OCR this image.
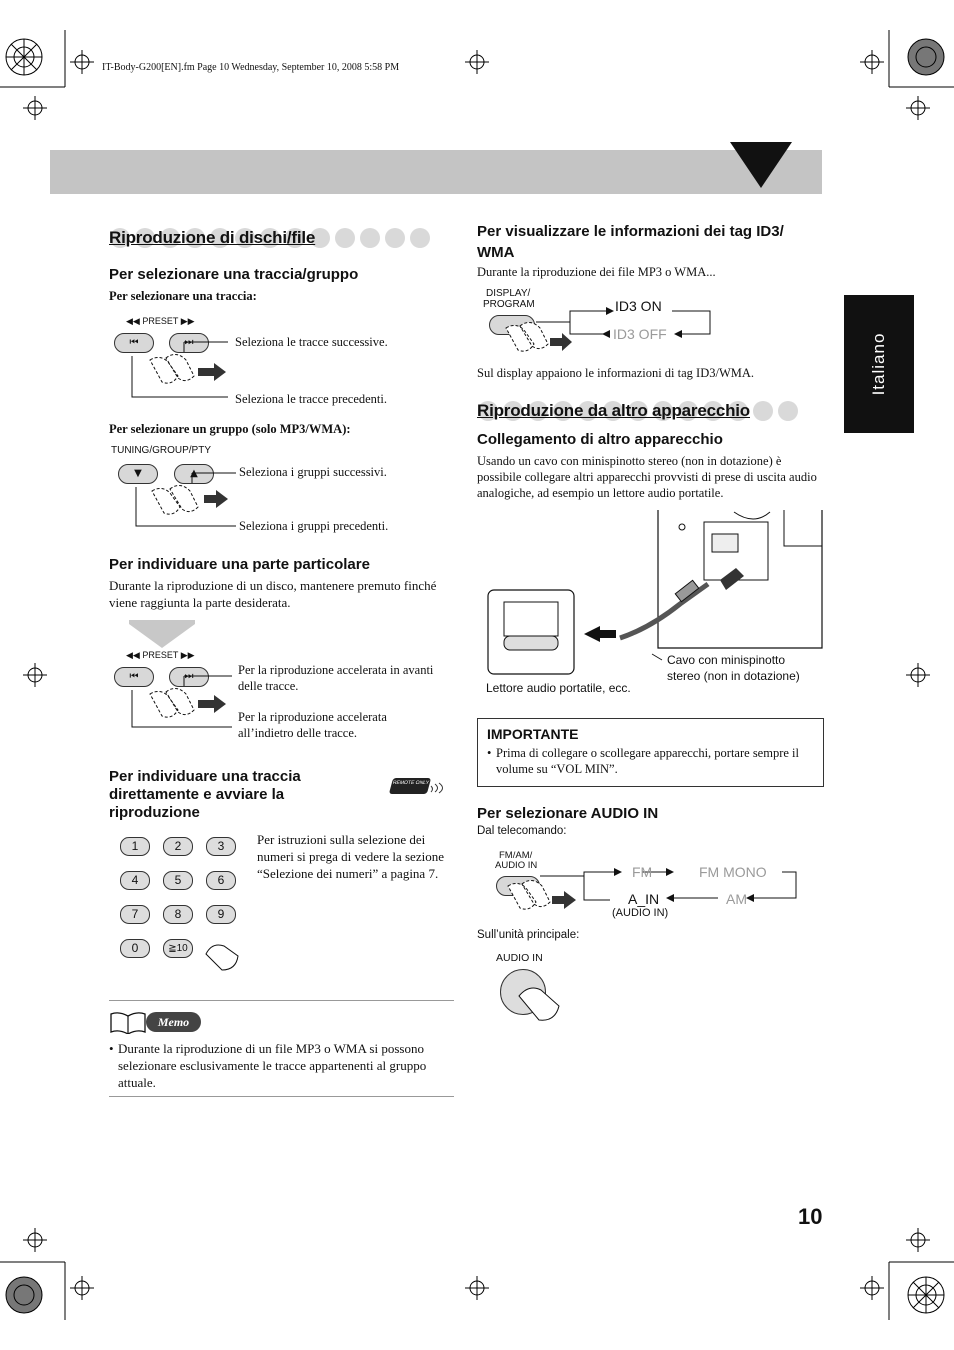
IT-Body-G200[EN].fm Page 10 Wednesday, September 10, 2008 5:58 PM
Italiano
Riproduzione di dischi/file
Per selezionare una traccia/gruppo
Per selezionare una traccia:
◀◀ PRESET ▶▶
⏮	⏭	Seleziona le tracce successive.
Seleziona le tracce precedenti.
Per selezionare un gruppo (solo MP3/WMA):
TUNING/GROUP/PTY
▼	▲	Seleziona i gruppi successivi.
Seleziona i gruppi precedenti.
Per individuare una parte particolare
Durante la riproduzione di un disco, mantenere premuto finché viene raggiunta la parte desiderata.
◀◀ PRESET ▶▶
⏮	⏭	Per la riproduzione accelerata in avanti delle tracce.
Per la riproduzione accelerata all’indietro delle tracce.
Per individuare una traccia direttamente e avviare la riproduzione
REMOTE ONLY
1	2	3
4	5	6
7	8	9
0	≧10
Per istruzioni sulla selezione dei numeri si prega di vedere la sezione “Selezione dei numeri” a pagina 7.
Memo
• Durante la riproduzione di un file MP3 o WMA si possono selezionare esclusivamente le tracce appartenenti al gruppo attuale.
Per visualizzare le informazioni dei tag ID3/ WMA
Durante la riproduzione dei file MP3 o WMA...
DISPLAY/
PROGRAM	ID3 ON
ID3 OFF
Sul display appaiono le informazioni di tag ID3/WMA.
Riproduzione da altro apparecchio
Collegamento di altro apparecchio
Usando un cavo con minispinotto stereo (non in dotazione) è possibile collegare altri apparecchi provvisti di prese di uscita audio analogiche, ad esempio un lettore audio portatile.
Cavo con minispinotto
stereo (non in dotazione)
Lettore audio portatile, ecc.
IMPORTANTE
• Prima di collegare o scollegare apparecchi, portare sempre il volume su “VOL MIN”.
Per selezionare AUDIO IN
Dal telecomando:
FM/AM/
AUDIO IN	FM	FM MONO
A_IN	AM
(AUDIO IN)
Sull’unità principale:
AUDIO IN
10
